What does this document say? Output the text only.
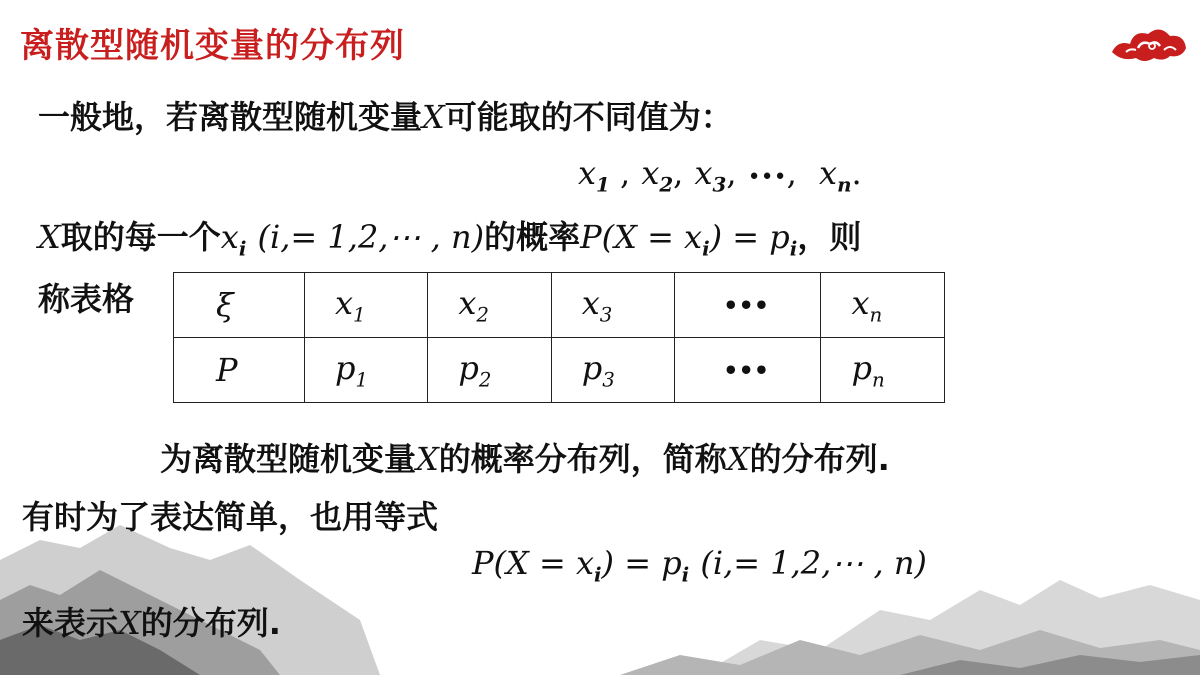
离散型随机变量的分布列
一般地，若离散型随机变量X可能取的不同值为：
$x_1$ , $x_2$, $x_3$, •••, $x_n$.
X取的每一个$x_i$ (i,= 1,2,⋯ , n)的概率$P(X = x_i) = p_i$，则
称表格	ξ	$x_1$	$x_2$	$x_3$	•••	$x_n$
P	$p_1$	$p_2$	$p_3$	•••	$p_n$
为离散型随机变量X的概率分布列，简称X的分布列.
有时为了表达简单，也用等式
$P(X = x_i) = p_i$ (i,= 1,2,⋯ , n)
来表示X的分布列.
